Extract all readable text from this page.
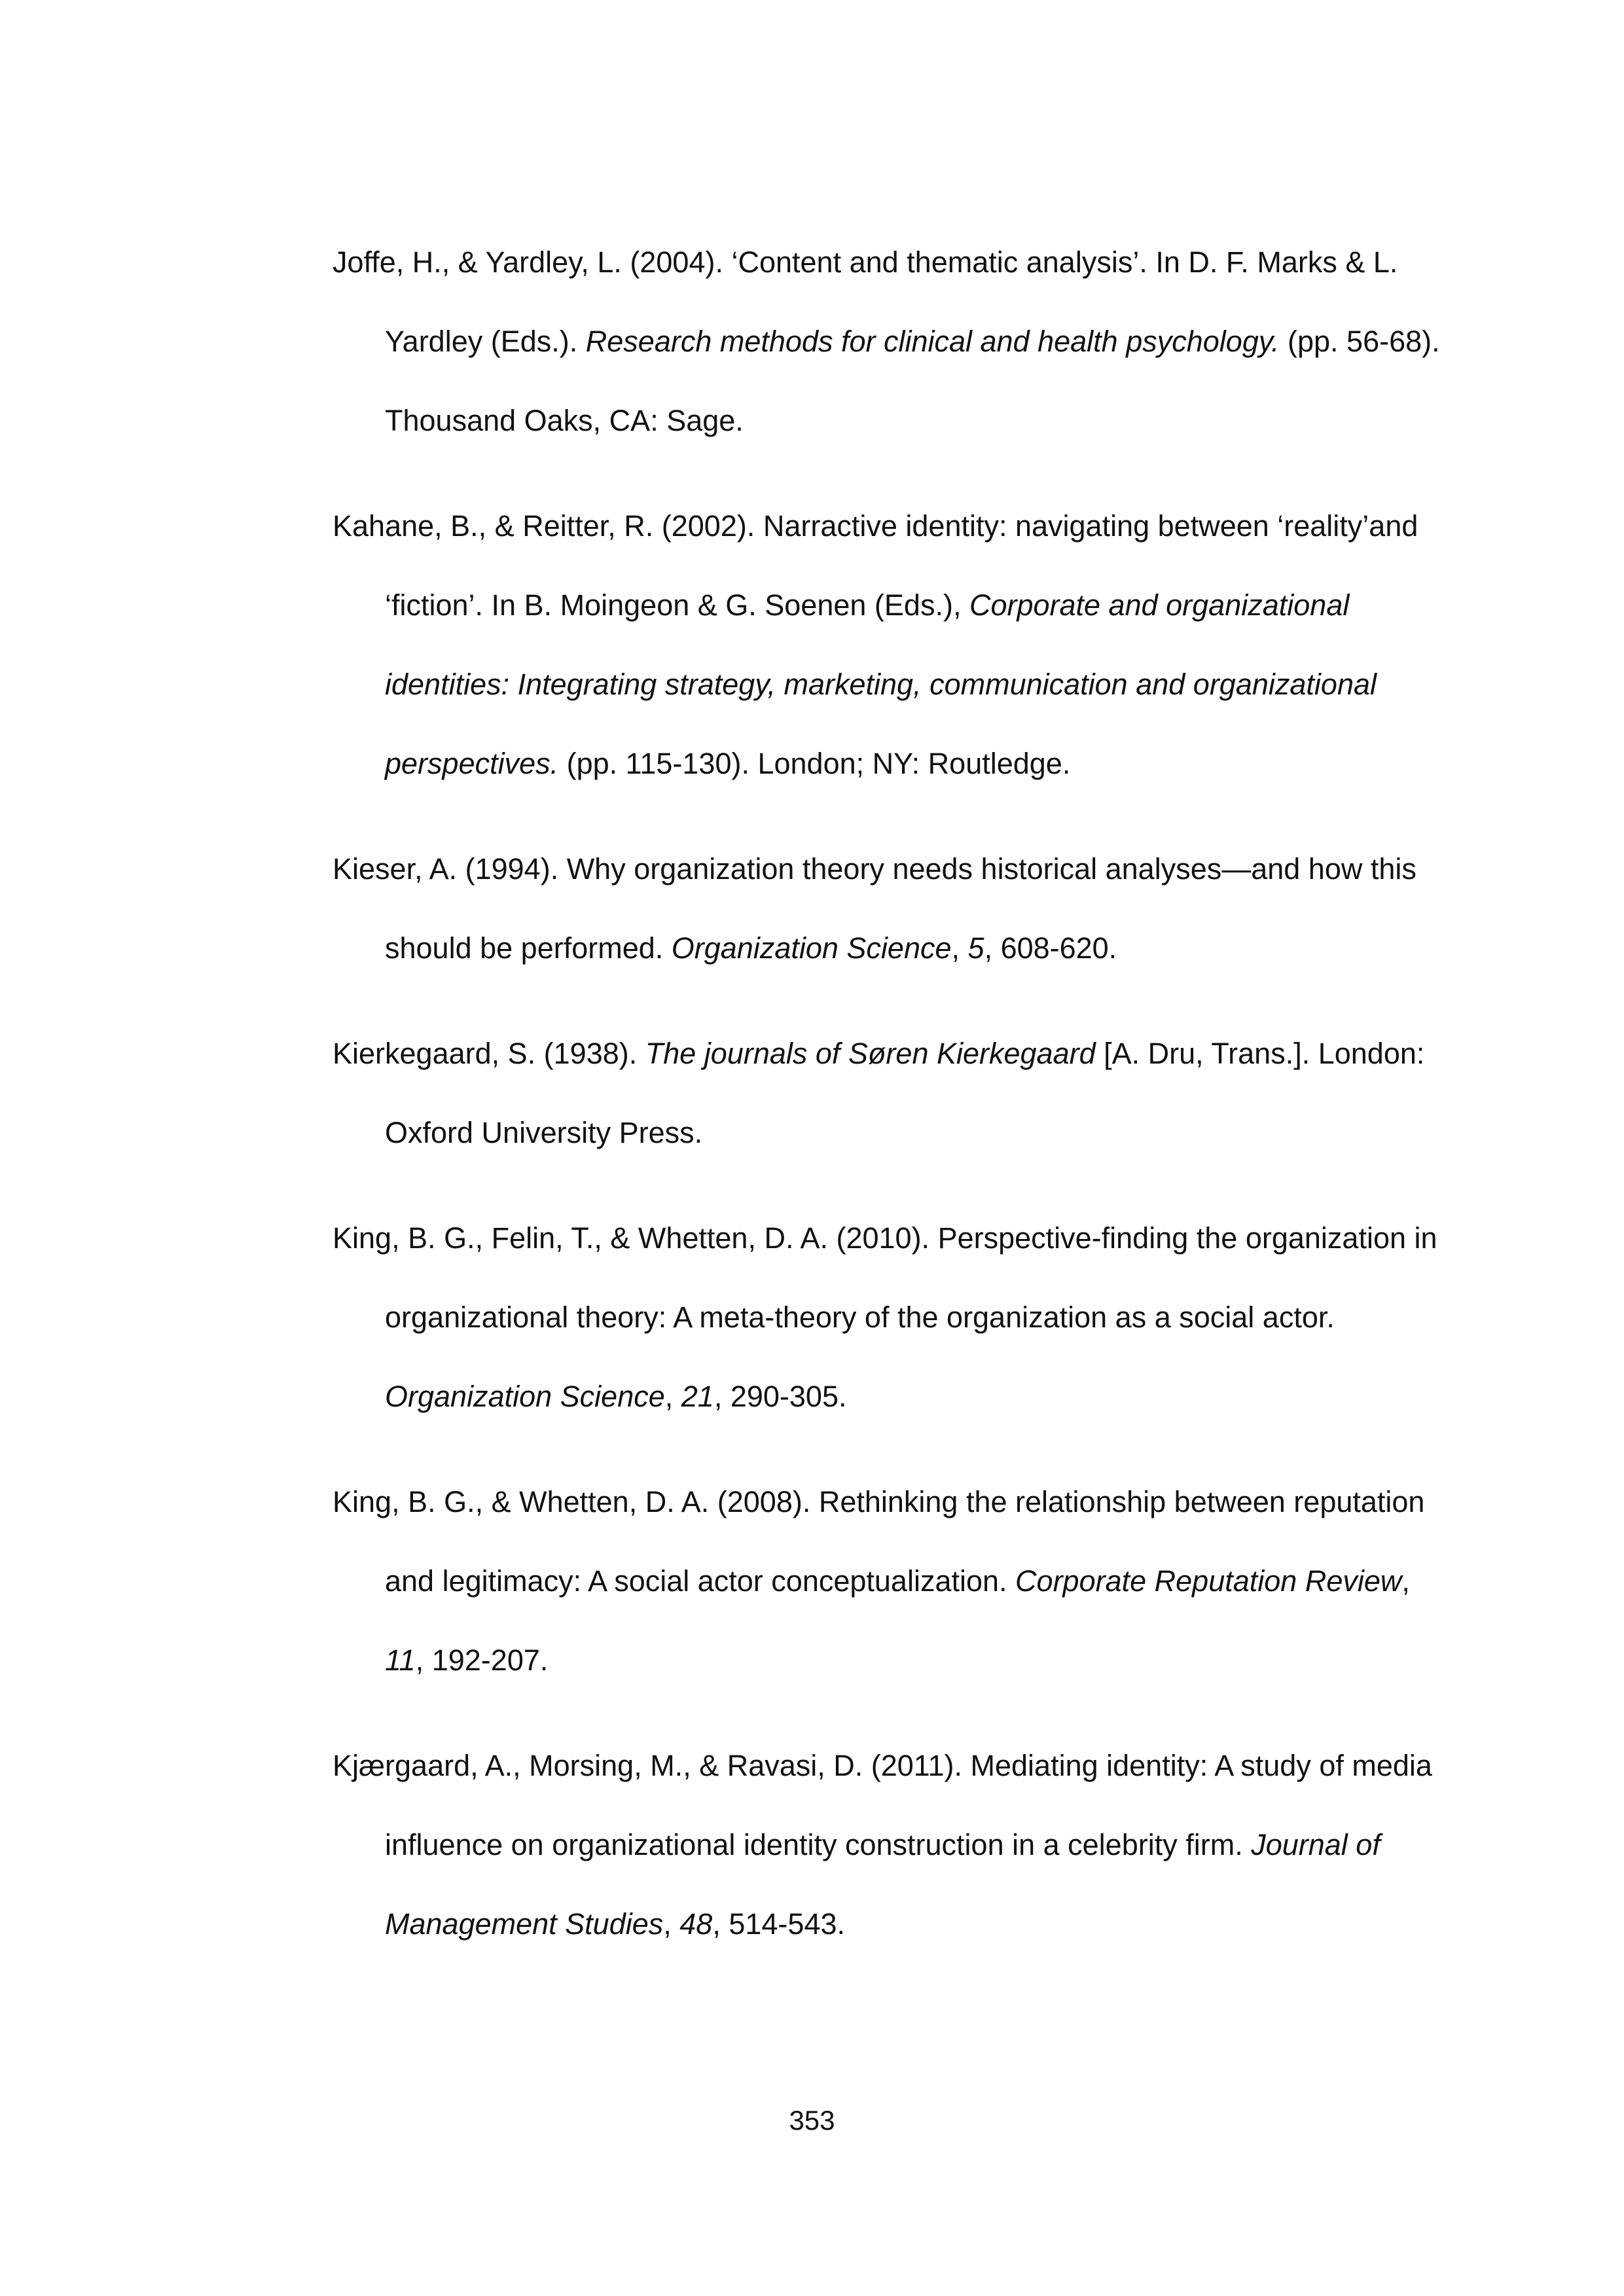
Joffe, H., & Yardley, L. (2004). ‘Content and thematic analysis’. In D. F. Marks & L. Yardley (Eds.). Research methods for clinical and health psychology. (pp. 56-68). Thousand Oaks, CA: Sage.

Kahane, B., & Reitter, R. (2002). Narractive identity: navigating between ‘reality’and ‘fiction’. In B. Moingeon & G. Soenen (Eds.), Corporate and organizational identities: Integrating strategy, marketing, communication and organizational perspectives. (pp. 115-130). London; NY: Routledge.

Kieser, A. (1994). Why organization theory needs historical analyses—and how this should be performed. Organization Science, 5, 608-620.

Kierkegaard, S. (1938). The journals of Søren Kierkegaard [A. Dru, Trans.]. London: Oxford University Press.

King, B. G., Felin, T., & Whetten, D. A. (2010). Perspective-finding the organization in organizational theory: A meta-theory of the organization as a social actor. Organization Science, 21, 290-305.

King, B. G., & Whetten, D. A. (2008). Rethinking the relationship between reputation and legitimacy: A social actor conceptualization. Corporate Reputation Review, 11, 192-207.

Kjærgaard, A., Morsing, M., & Ravasi, D. (2011). Mediating identity: A study of media influence on organizational identity construction in a celebrity firm. Journal of Management Studies, 48, 514-543.

353
